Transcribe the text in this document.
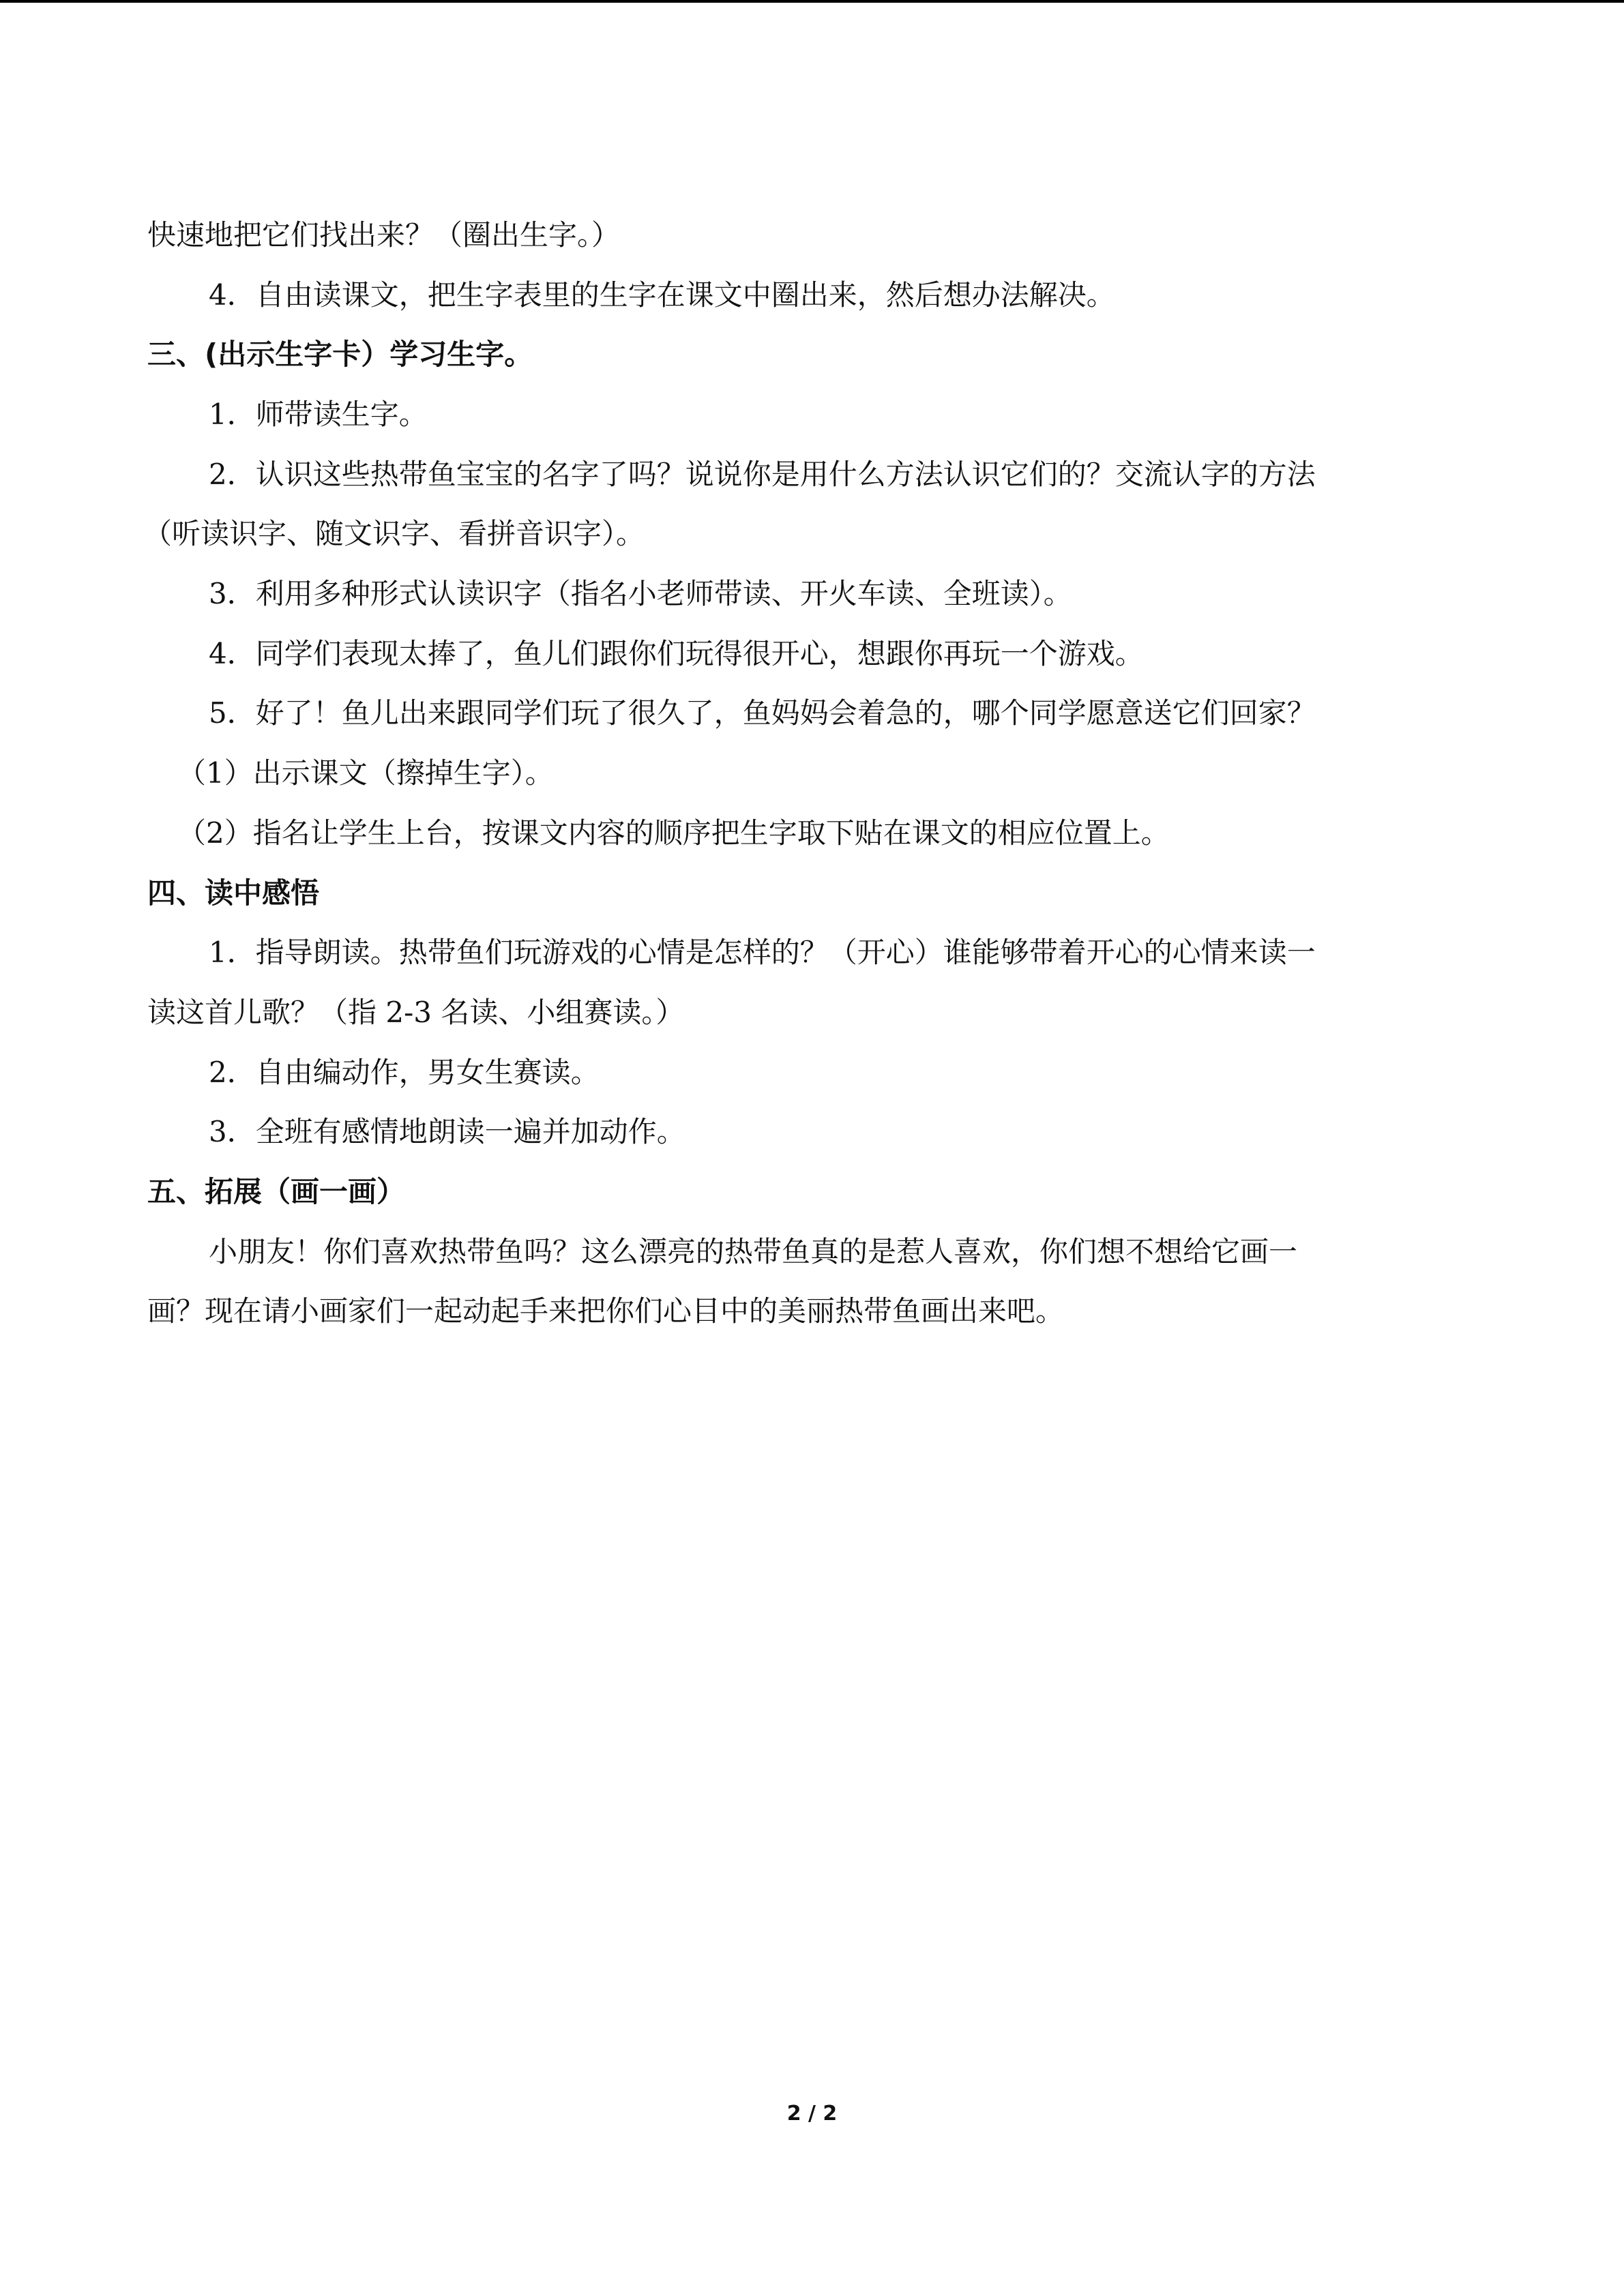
快速地把它们找出来？（圈出生字。）
4．自由读课文，把生字表里的生字在课文中圈出来，然后想办法解决。
三、(出示生字卡）学习生字。
1．师带读生字。
2．认识这些热带鱼宝宝的名字了吗？说说你是用什么方法认识它们的？交流认字的方法
（听读识字、随文识字、看拼音识字）。
3．利用多种形式认读识字（指名小老师带读、开火车读、全班读）。
4．同学们表现太捧了，鱼儿们跟你们玩得很开心，想跟你再玩一个游戏。
5．好了！鱼儿出来跟同学们玩了很久了，鱼妈妈会着急的，哪个同学愿意送它们回家？
（1）出示课文（擦掉生字）。
（2）指名让学生上台，按课文内容的顺序把生字取下贴在课文的相应位置上。
四、读中感悟
1．指导朗读。热带鱼们玩游戏的心情是怎样的？（开心）谁能够带着开心的心情来读一
读这首儿歌？（指 2-3 名读、小组赛读。）
2．自由编动作，男女生赛读。
3．全班有感情地朗读一遍并加动作。
五、拓展（画一画）
小朋友！你们喜欢热带鱼吗？这么漂亮的热带鱼真的是惹人喜欢，你们想不想给它画一
画？现在请小画家们一起动起手来把你们心目中的美丽热带鱼画出来吧。
2 / 2
